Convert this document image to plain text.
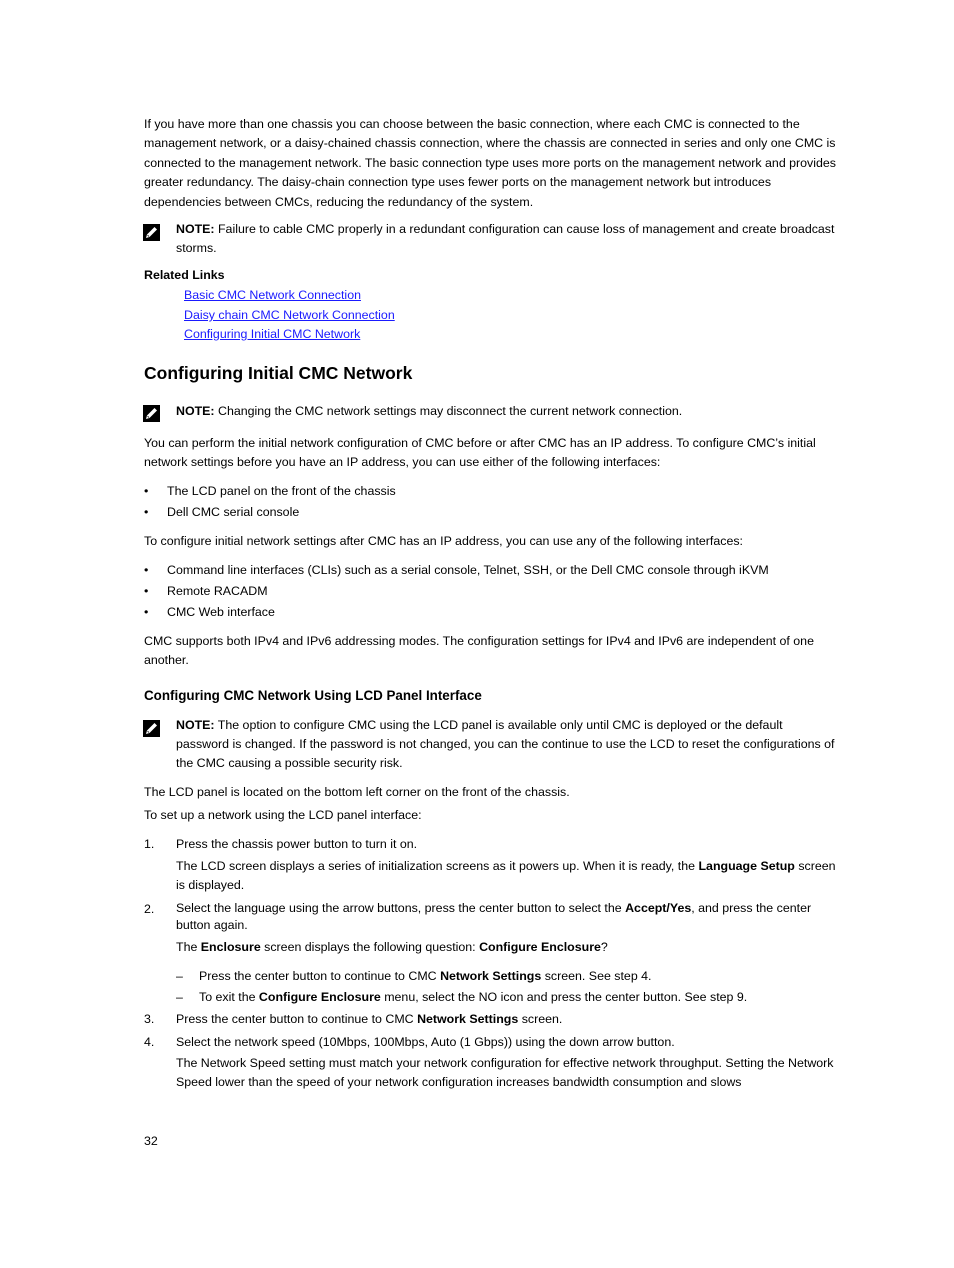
If you have more than one chassis you can choose between the basic connection, where each CMC is connected to the management network, or a daisy-chained chassis connection, where the chassis are connected in series and only one CMC is connected to the management network. The basic connection type uses more ports on the management network and provides greater redundancy. The daisy-chain connection type uses fewer ports on the management network but introduces dependencies between CMCs, reducing the redundancy of the system.

NOTE: Failure to cable CMC properly in a redundant configuration can cause loss of management and create broadcast storms.

Related Links
Basic CMC Network Connection
Daisy chain CMC Network Connection
Configuring Initial CMC Network
Configuring Initial CMC Network

NOTE: Changing the CMC network settings may disconnect the current network connection.

You can perform the initial network configuration of CMC before or after CMC has an IP address. To configure CMC’s initial network settings before you have an IP address, you can use either of the following interfaces:

• The LCD panel on the front of the chassis
• Dell CMC serial console

To configure initial network settings after CMC has an IP address, you can use any of the following interfaces:

• Command line interfaces (CLIs) such as a serial console, Telnet, SSH, or the Dell CMC console through iKVM
• Remote RACADM
• CMC Web interface

CMC supports both IPv4 and IPv6 addressing modes. The configuration settings for IPv4 and IPv6 are independent of one another.

Configuring CMC Network Using LCD Panel Interface

NOTE: The option to configure CMC using the LCD panel is available only until CMC is deployed or the default password is changed. If the password is not changed, you can the continue to use the LCD to reset the configurations of the CMC causing a possible security risk.

The LCD panel is located on the bottom left corner on the front of the chassis.

To set up a network using the LCD panel interface:

1. Press the chassis power button to turn it on.

The LCD screen displays a series of initialization screens as it powers up. When it is ready, the Language Setup screen is displayed.

2. Select the language using the arrow buttons, press the center button to select the Accept/Yes, and press the center button again.

The Enclosure screen displays the following question: Configure Enclosure?

– Press the center button to continue to CMC Network Settings screen. See step 4.
– To exit the Configure Enclosure menu, select the NO icon and press the center button. See step 9.
3. Press the center button to continue to CMC Network Settings screen.
4. Select the network speed (10Mbps, 100Mbps, Auto (1 Gbps)) using the down arrow button.

The Network Speed setting must match your network configuration for effective network throughput. Setting the Network Speed lower than the speed of your network configuration increases bandwidth consumption and slows

32
